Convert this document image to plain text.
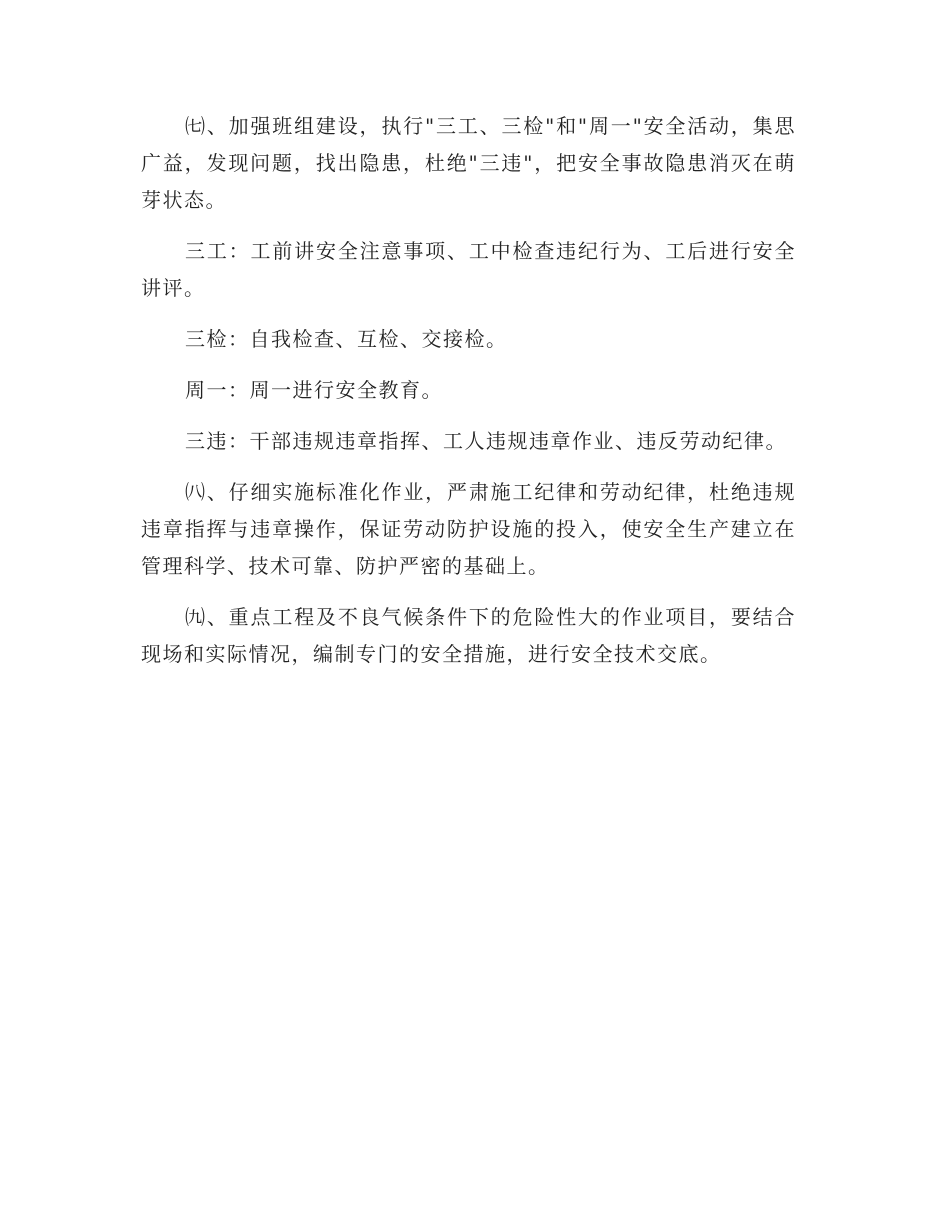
㈦、加强班组建设，执行"三工、三检"和"周一"安全活动，集思广益，发现问题，找出隐患，杜绝"三违"，把安全事故隐患消灭在萌芽状态。

三工：工前讲安全注意事项、工中检查违纪行为、工后进行安全讲评。

三检：自我检查、互检、交接检。

周一：周一进行安全教育。

三违：干部违规违章指挥、工人违规违章作业、违反劳动纪律。

㈧、仔细实施标准化作业，严肃施工纪律和劳动纪律，杜绝违规违章指挥与违章操作，保证劳动防护设施的投入，使安全生产建立在管理科学、技术可靠、防护严密的基础上。

㈨、重点工程及不良气候条件下的危险性大的作业项目，要结合现场和实际情况，编制专门的安全措施，进行安全技术交底。
